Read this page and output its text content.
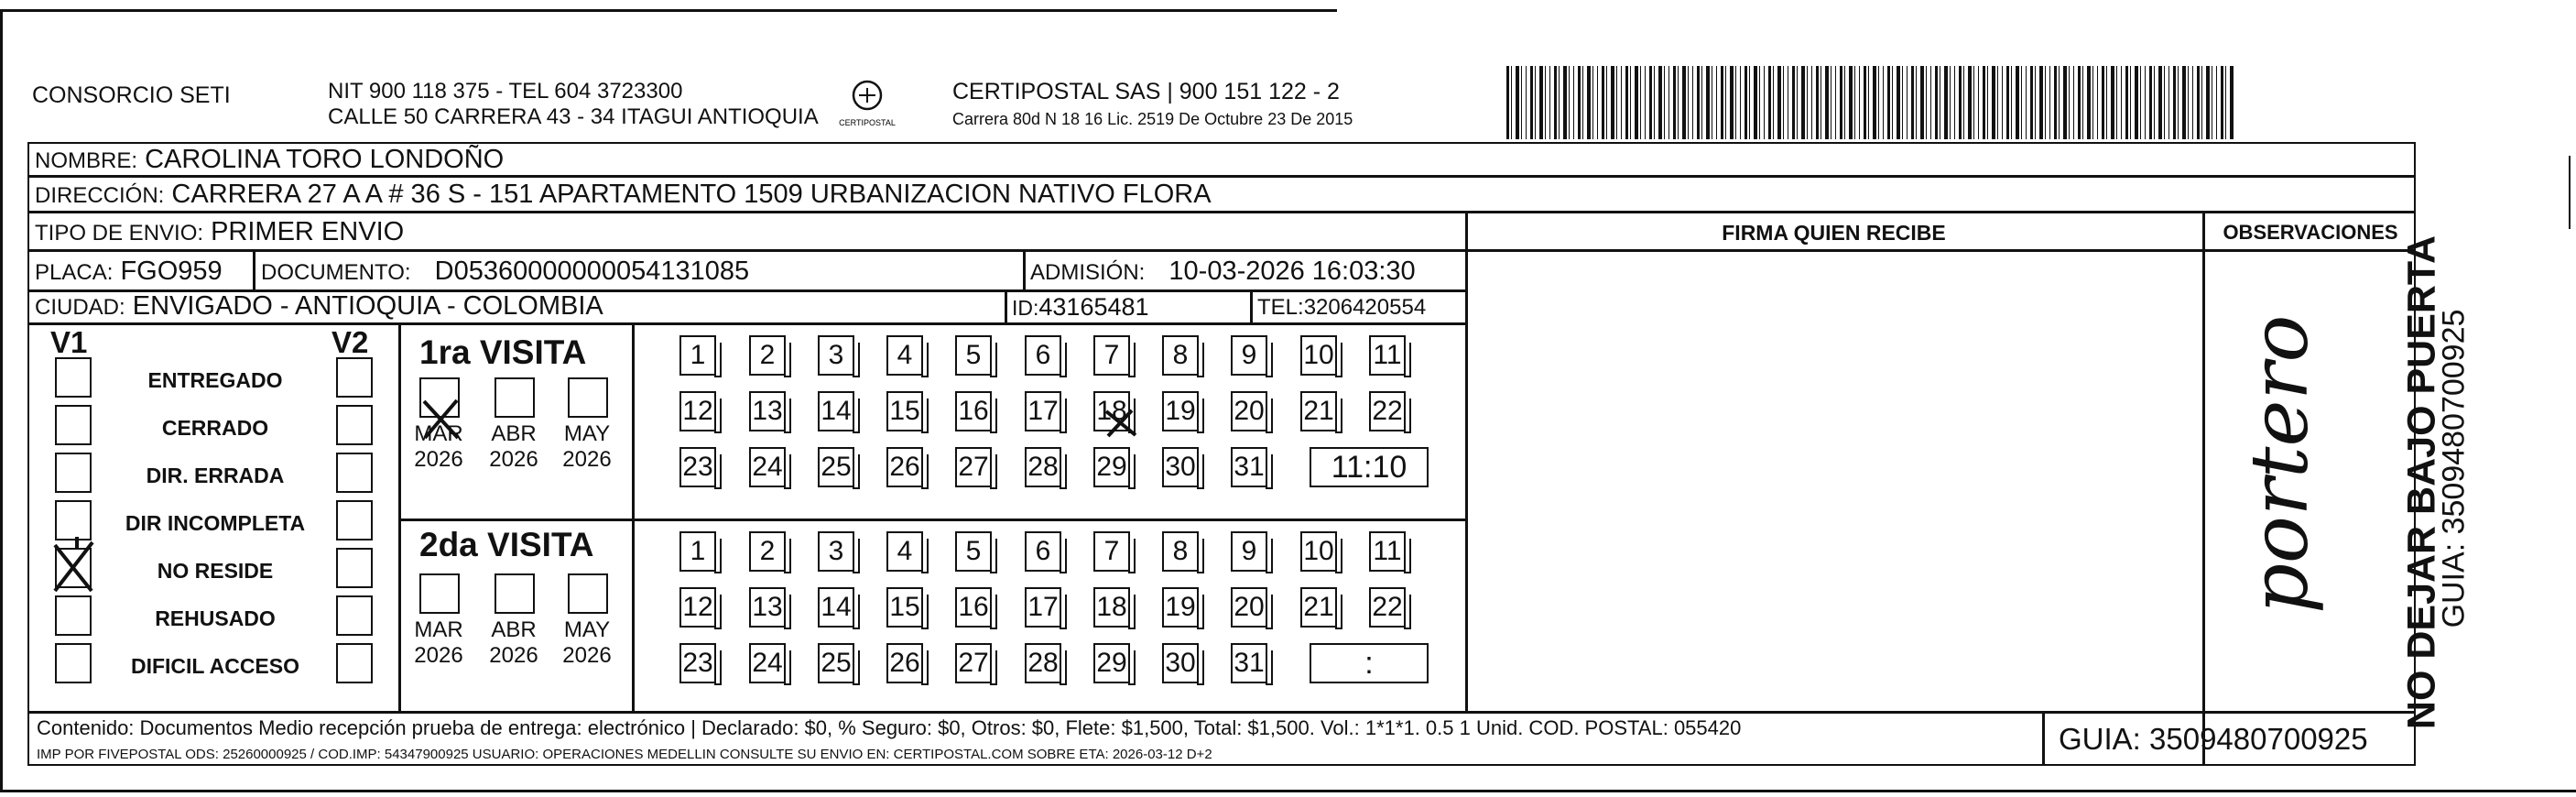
CONSORCIO SETI	NIT 900 118 375 - TEL 604 3723300
CALLE 50 CARRERA 43 - 34 ITAGUI ANTIOQUIA CERTIPOSTAL
CERTIPOSTAL SAS | 900 151 122 - 2
Carrera 80d N 18 16 Lic. 2519 De Octubre 23 De 2015
NOMBRE: CAROLINA TORO LONDOÑO
DIRECCIÓN: CARRERA 27 A A # 36 S - 151 APARTAMENTO 1509 URBANIZACION NATIVO FLORA
TIPO DE ENVIO: PRIMER ENVIO
PLACA: FGO959 DOCUMENTO: D05360000000054131085	ADMISIÓN: 10-03-2026 16:03:30
CIUDAD: ENVIGADO - ANTIOQUIA - COLOMBIA	ID:43165481	TEL:3206420554
FIRMA QUIEN RECIBE	OBSERVACIONES
V1	V2
ENTREGADO
CERRADO
DIR. ERRADA
DIR INCOMPLETA
NO RESIDE
REHUSADO
DIFICIL ACCESO
1ra VISITA
2da VISITA
MAR
2026
ABR
2026
MAY
2026
1	2	3	4	5	6	7	8	9	10 11
12 13 14 15 16 17 18 19 20 21 22
23 24 25 26 27 28 29 30 31	11:10
MAR
2026
ABR
2026
MAY
2026
1	2	3	4	5	6	7	8	9	10 11
12 13 14 15 16 17 18 19 20 21 22
23 24 25 26 27 28 29 30 31	:
portero
Contenido: Documentos Medio recepción prueba de entrega: electrónico | Declarado: $0, % Seguro: $0, Otros: $0, Flete: $1,500, Total: $1,500. Vol.: 1*1*1. 0.5 1 Unid. COD. POSTAL: 055420
IMP POR FIVEPOSTAL ODS: 25260000925 / COD.IMP: 54347900925 USUARIO: OPERACIONES MEDELLIN CONSULTE SU ENVIO EN: CERTIPOSTAL.COM SOBRE ETA: 2026-03-12 D+2	GUIA: 3509480700925
NO DEJAR BAJO PUERTA
GUIA: 3509480700925
